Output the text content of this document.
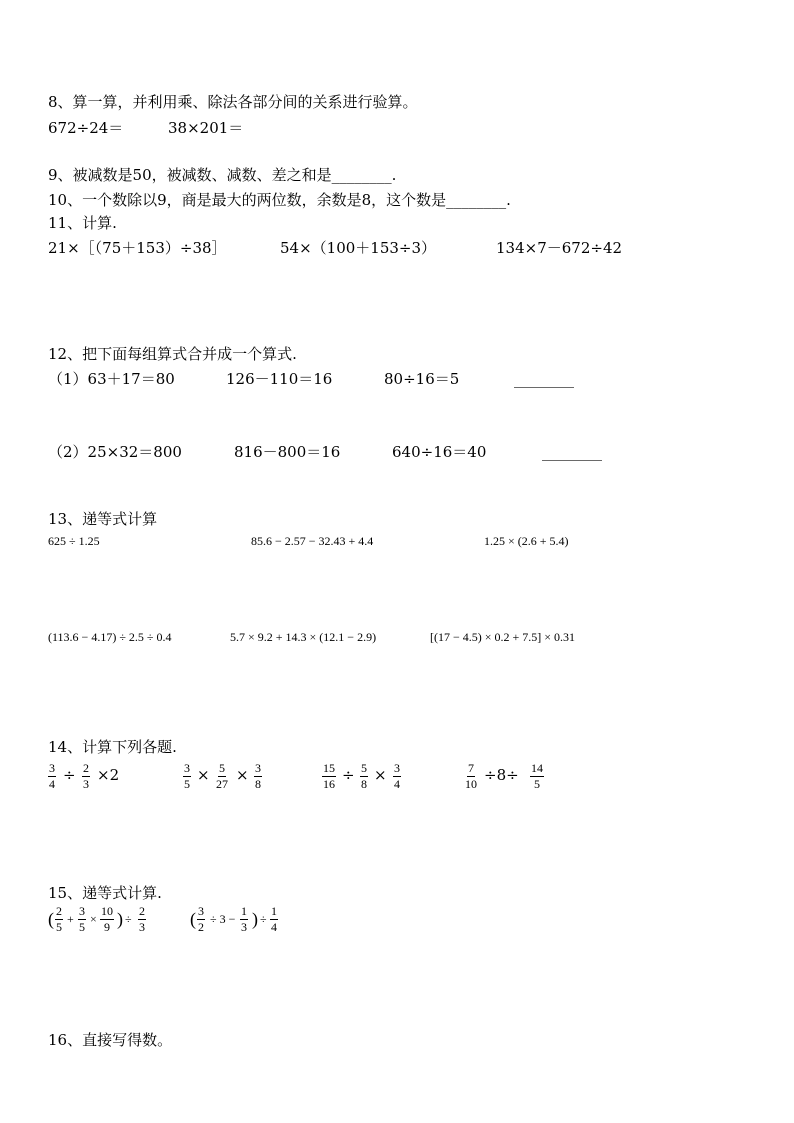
8、算一算，并利用乘、除法各部分间的关系进行验算。
672÷24＝	38×201＝
9、被减数是50，被减数、减数、差之和是________.
10、一个数除以9，商是最大的两位数，余数是8，这个数是________.
11、计算.
21×［（75＋153）÷38］	54×（100＋153÷3）	134×7－672÷42
12、把下面每组算式合并成一个算式.
（1）63＋17＝80	126－110＝16	80÷16＝5	________
（2）25×32＝800	816－800＝16	640÷16＝40	________
13、递等式计算
625 ÷ 1.25	85.6 − 2.57 − 32.43 + 4.4	1.25 × (2.6 + 5.4)
(113.6 − 4.17) ÷ 2.5 ÷ 0.4	5.7 × 9.2 + 14.3 × (12.1 − 2.9)	[(17 − 4.5) × 0.2 + 7.5] × 0.31
14、计算下列各题.
$\frac{3}{4} \div \frac{2}{3} \times 2$	$\frac{3}{5} \times \frac{5}{27} \times \frac{3}{8}$	$\frac{15}{16} \div \frac{5}{8} \times \frac{3}{4}$	$\frac{7}{10} \div 8\div \frac{14}{5}$
15、递等式计算.
( $\frac{2}{5} + \frac{3}{5} \times \frac{10}{9}$ ) ÷ $\frac{2}{3}$ ( $\frac{3}{2} \div 3 - \frac{1}{3}$ ) ÷ $\frac{1}{4}$
16、直接写得数。
